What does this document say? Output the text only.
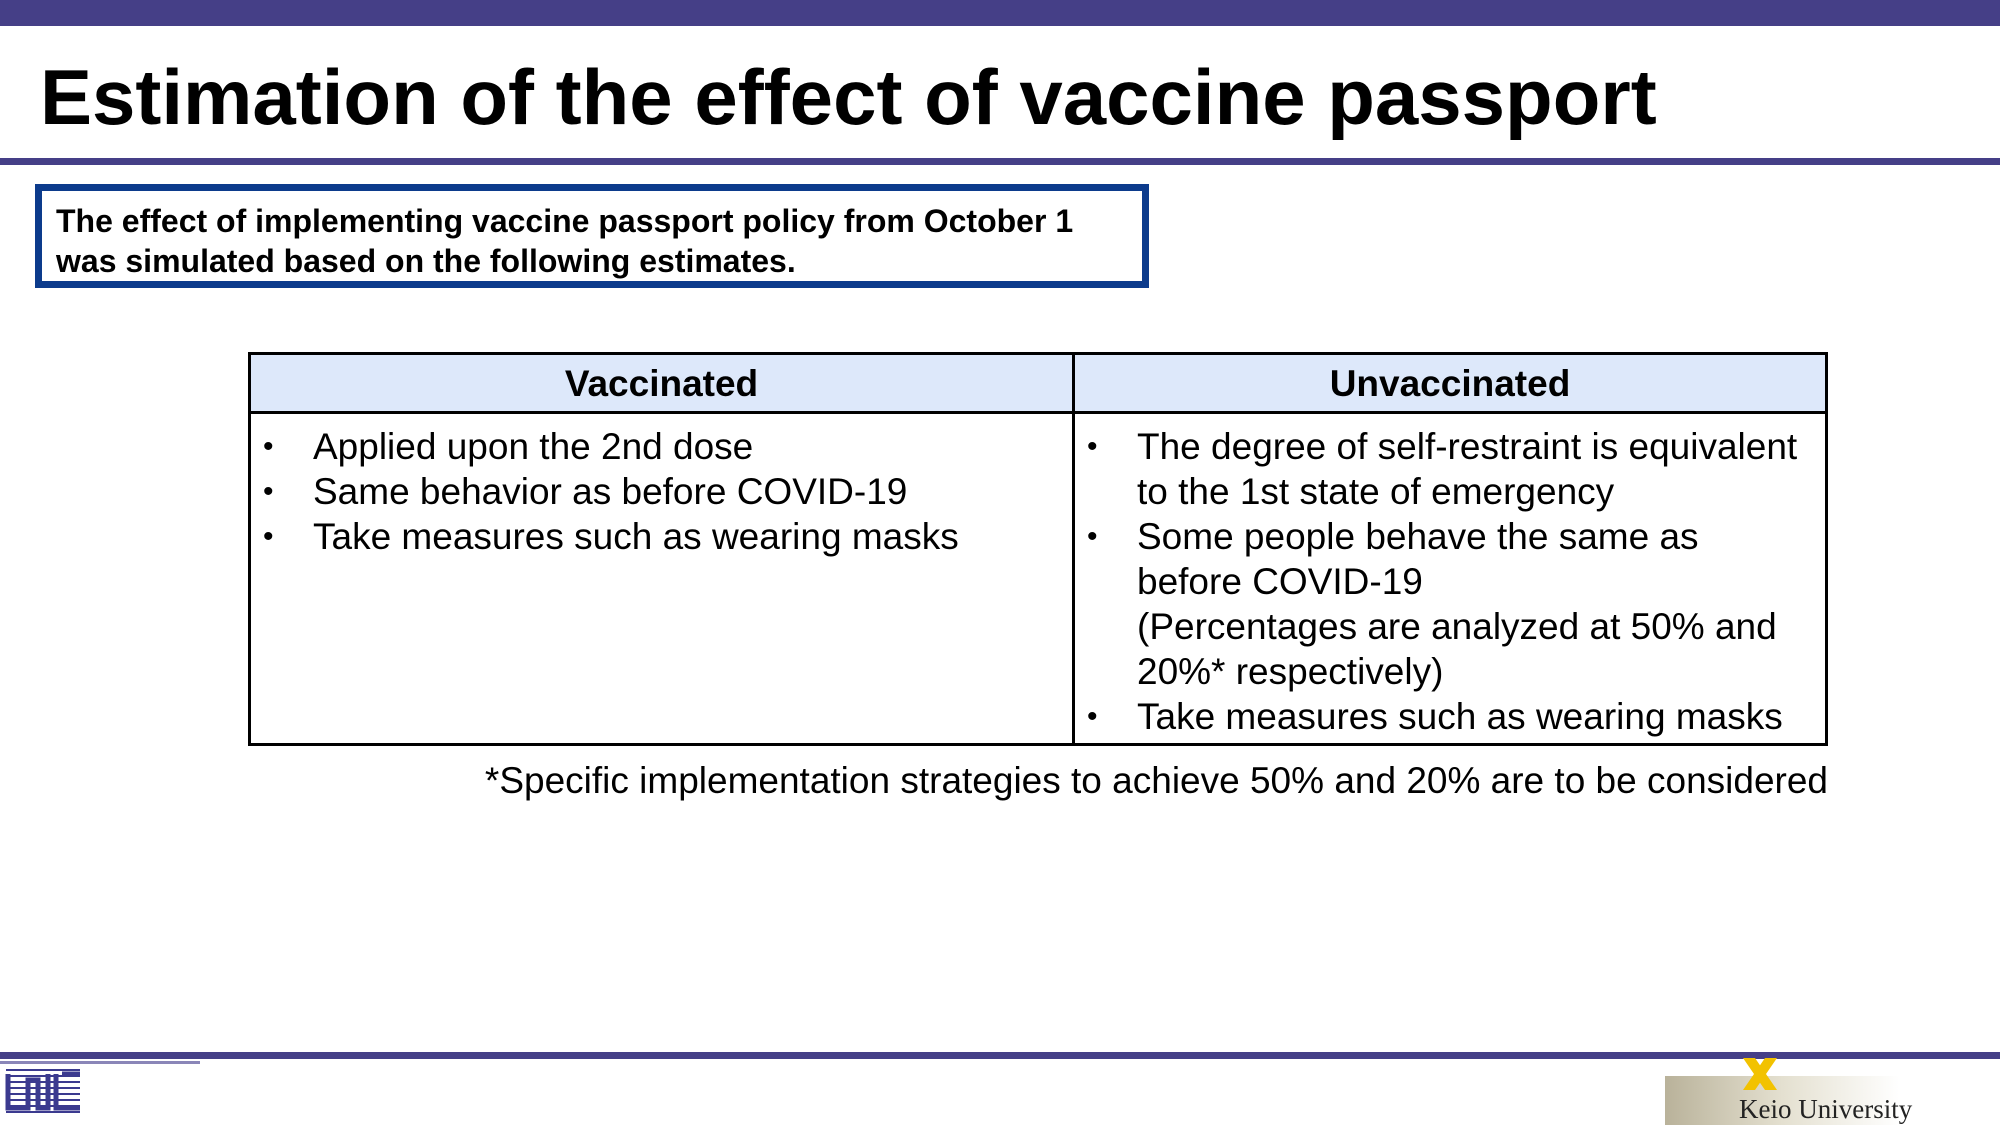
Estimation of the effect of vaccine passport
The effect of implementing vaccine passport policy from October 1
was simulated based on the following estimates.
Vaccinated
•	Applied upon the 2nd dose
•	Same behavior as before COVID-19
•	Take measures such as wearing masks
Unvaccinated
•	The degree of self-restraint is equivalent
to the 1st state of emergency
•	Some people behave the same as
before COVID-19
(Percentages are analyzed at 50% and
20%* respectively)
•	Take measures such as wearing masks
*Specific implementation strategies to achieve 50% and 20% are to be considered
Keio University
